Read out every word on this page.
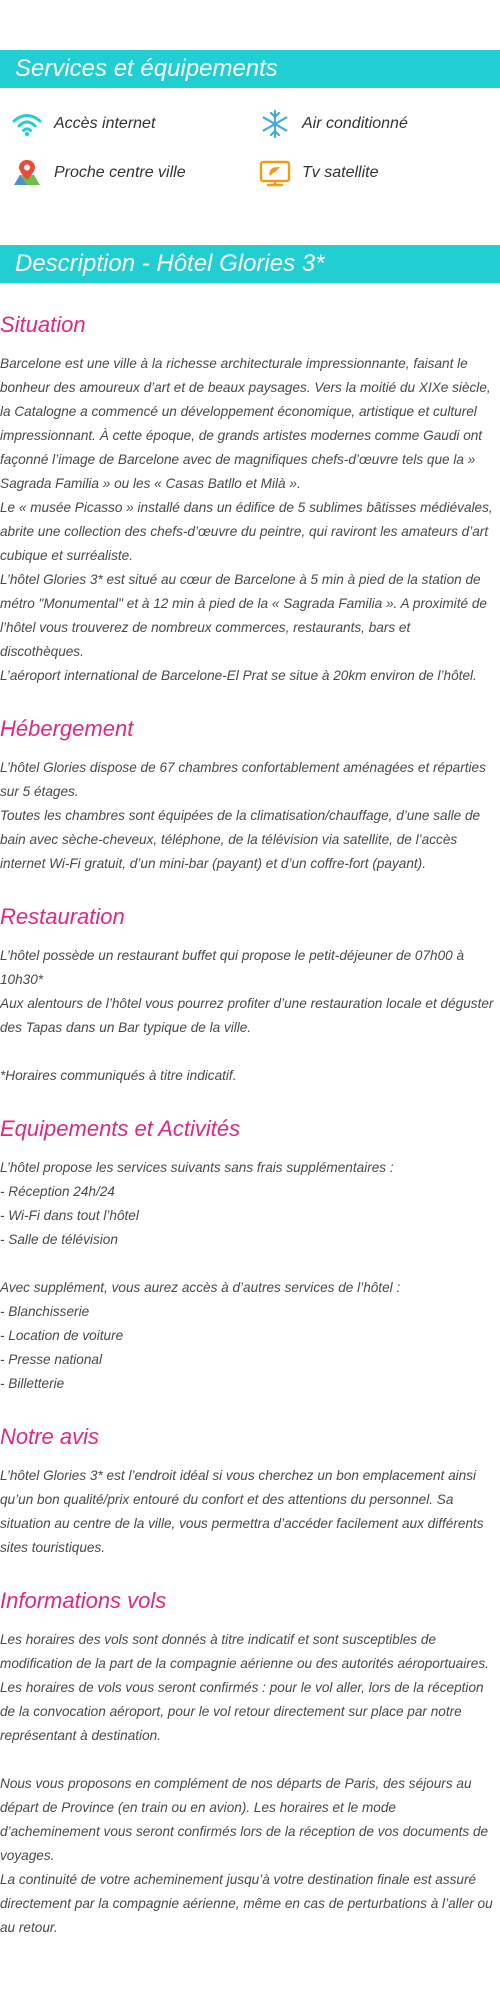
Services et équipements
Accès internet	Air conditionné
Proche centre ville	Tv satellite
Description - Hôtel Glories 3*
Situation

Barcelone est une ville à la richesse architecturale impressionnante, faisant le bonheur des amoureux d’art et de beaux paysages. Vers la moitié du XIXe siècle, la Catalogne a commencé un développement économique, artistique et culturel impressionnant. À cette époque, de grands artistes modernes comme Gaudi ont façonné l’image de Barcelone avec de magnifiques chefs-d’œuvre tels que la » Sagrada Familia » ou les « Casas Batllo et Milà ».

Le « musée Picasso » installé dans un édifice de 5 sublimes bâtisses médiévales, abrite une collection des chefs-d’œuvre du peintre, qui raviront les amateurs d’art cubique et surréaliste.

L’hôtel Glories 3* est situé au cœur de Barcelone à 5 min à pied de la station de métro "Monumental" et à 12 min à pied de la « Sagrada Familia ». A proximité de l’hôtel vous trouverez de nombreux commerces, restaurants, bars et discothèques.

L’aéroport international de Barcelone-El Prat se situe à 20km environ de l’hôtel.

Hébergement

L’hôtel Glories dispose de 67 chambres confortablement aménagées et réparties sur 5 étages.

Toutes les chambres sont équipées de la climatisation/chauffage, d’une salle de bain avec sèche-cheveux, téléphone, de la télévision via satellite, de l’accès internet Wi-Fi gratuit, d’un mini-bar (payant) et d’un coffre-fort (payant).

Restauration

L’hôtel possède un restaurant buffet qui propose le petit-déjeuner de 07h00 à 10h30*

Aux alentours de l’hôtel vous pourrez profiter d’une restauration locale et déguster des Tapas dans un Bar typique de la ville.

*Horaires communiqués à titre indicatif.

Equipements et Activités

L’hôtel propose les services suivants sans frais supplémentaires :

- Réception 24h/24

- Wi-Fi dans tout l’hôtel

- Salle de télévision

Avec supplément, vous aurez accès à d’autres services de l’hôtel :

- Blanchisserie

- Location de voiture

- Presse national

- Billetterie

Notre avis

L’hôtel Glories 3* est l’endroit idéal si vous cherchez un bon emplacement ainsi qu’un bon qualité/prix entouré du confort et des attentions du personnel. Sa situation au centre de la ville, vous permettra d’accéder facilement aux différents sites touristiques.

Informations vols

Les horaires des vols sont donnés à titre indicatif et sont susceptibles de modification de la part de la compagnie aérienne ou des autorités aéroportuaires.

Les horaires de vols vous seront confirmés : pour le vol aller, lors de la réception de la convocation aéroport, pour le vol retour directement sur place par notre représentant à destination.

Nous vous proposons en complément de nos départs de Paris, des séjours au départ de Province (en train ou en avion). Les horaires et le mode d’acheminement vous seront confirmés lors de la réception de vos documents de voyages.

La continuité de votre acheminement jusqu’à votre destination finale est assuré directement par la compagnie aérienne, même en cas de perturbations à l’aller ou au retour.
